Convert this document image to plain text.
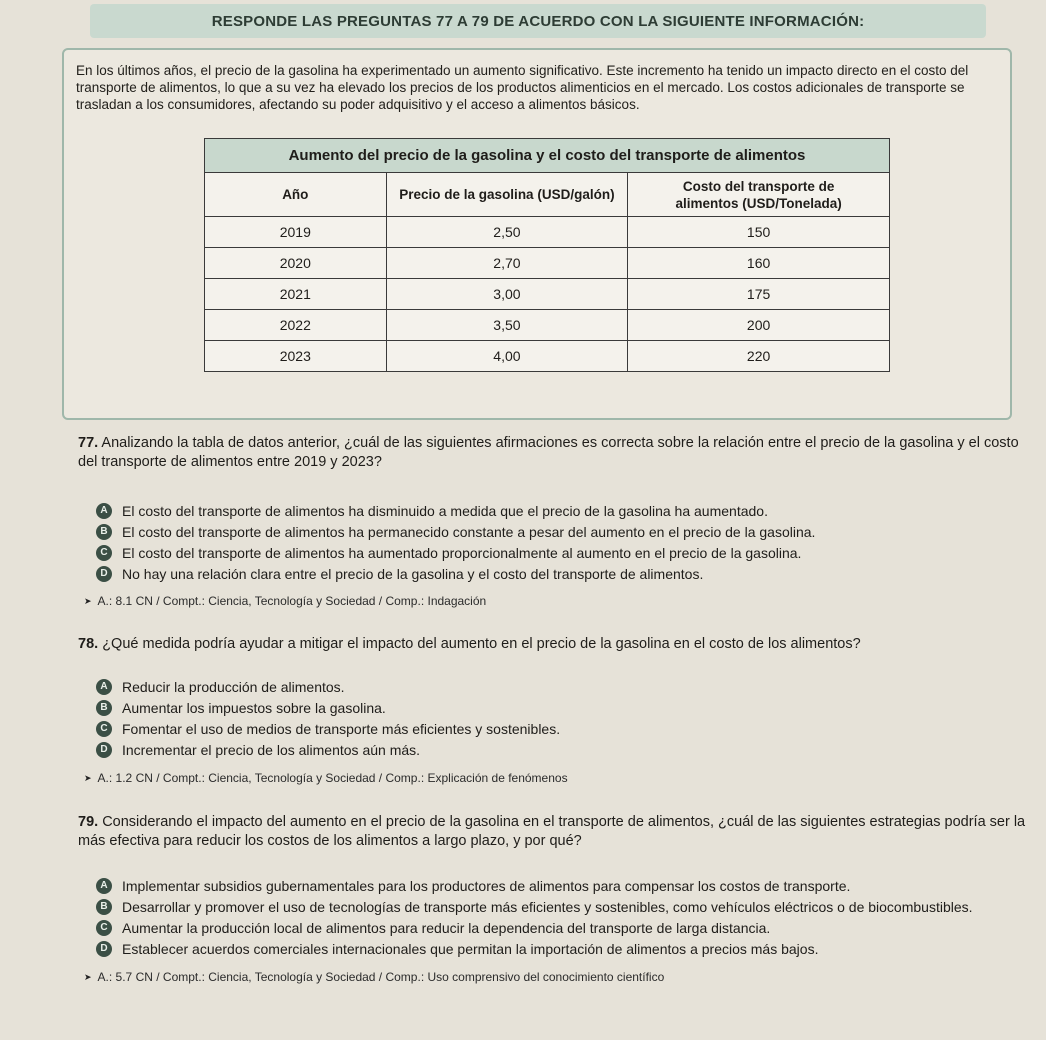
RESPONDE LAS PREGUNTAS 77 A 79 DE ACUERDO CON LA SIGUIENTE INFORMACIÓN:

En los últimos años, el precio de la gasolina ha experimentado un aumento significativo. Este incremento ha tenido un impacto directo en el costo del transporte de alimentos, lo que a su vez ha elevado los precios de los productos alimenticios en el mercado. Los costos adicionales de transporte se trasladan a los consumidores, afectando su poder adquisitivo y el acceso a alimentos básicos.

Aumento del precio de la gasolina y el costo del transporte de alimentos		
Año	Precio de la gasolina (USD/galón)	Costo del transporte de alimentos (USD/Tonelada)
2019	2,50	150
2020	2,70	160
2021	3,00	175
2022	3,50	200
2023	4,00	220
77. Analizando la tabla de datos anterior, ¿cuál de las siguientes afirmaciones es correcta sobre la relación entre el precio de la gasolina y el costo del transporte de alimentos entre 2019 y 2023?
A	El costo del transporte de alimentos ha disminuido a medida que el precio de la gasolina ha aumentado.
B	El costo del transporte de alimentos ha permanecido constante a pesar del aumento en el precio de la gasolina.
C	El costo del transporte de alimentos ha aumentado proporcionalmente al aumento en el precio de la gasolina.
D	No hay una relación clara entre el precio de la gasolina y el costo del transporte de alimentos.
➤ A.: 8.1 CN / Compt.: Ciencia, Tecnología y Sociedad / Comp.: Indagación
78. ¿Qué medida podría ayudar a mitigar el impacto del aumento en el precio de la gasolina en el costo de los alimentos?
A	Reducir la producción de alimentos.
B	Aumentar los impuestos sobre la gasolina.
C	Fomentar el uso de medios de transporte más eficientes y sostenibles.
D	Incrementar el precio de los alimentos aún más.
➤ A.: 1.2 CN / Compt.: Ciencia, Tecnología y Sociedad / Comp.: Explicación de fenómenos
79. Considerando el impacto del aumento en el precio de la gasolina en el transporte de alimentos, ¿cuál de las siguientes estrategias podría ser la más efectiva para reducir los costos de los alimentos a largo plazo, y por qué?
A	Implementar subsidios gubernamentales para los productores de alimentos para compensar los costos de transporte.
B	Desarrollar y promover el uso de tecnologías de transporte más eficientes y sostenibles, como vehículos eléctricos o de biocombustibles.
C	Aumentar la producción local de alimentos para reducir la dependencia del transporte de larga distancia.
D	Establecer acuerdos comerciales internacionales que permitan la importación de alimentos a precios más bajos.
➤ A.: 5.7 CN / Compt.: Ciencia, Tecnología y Sociedad / Comp.: Uso comprensivo del conocimiento científico
